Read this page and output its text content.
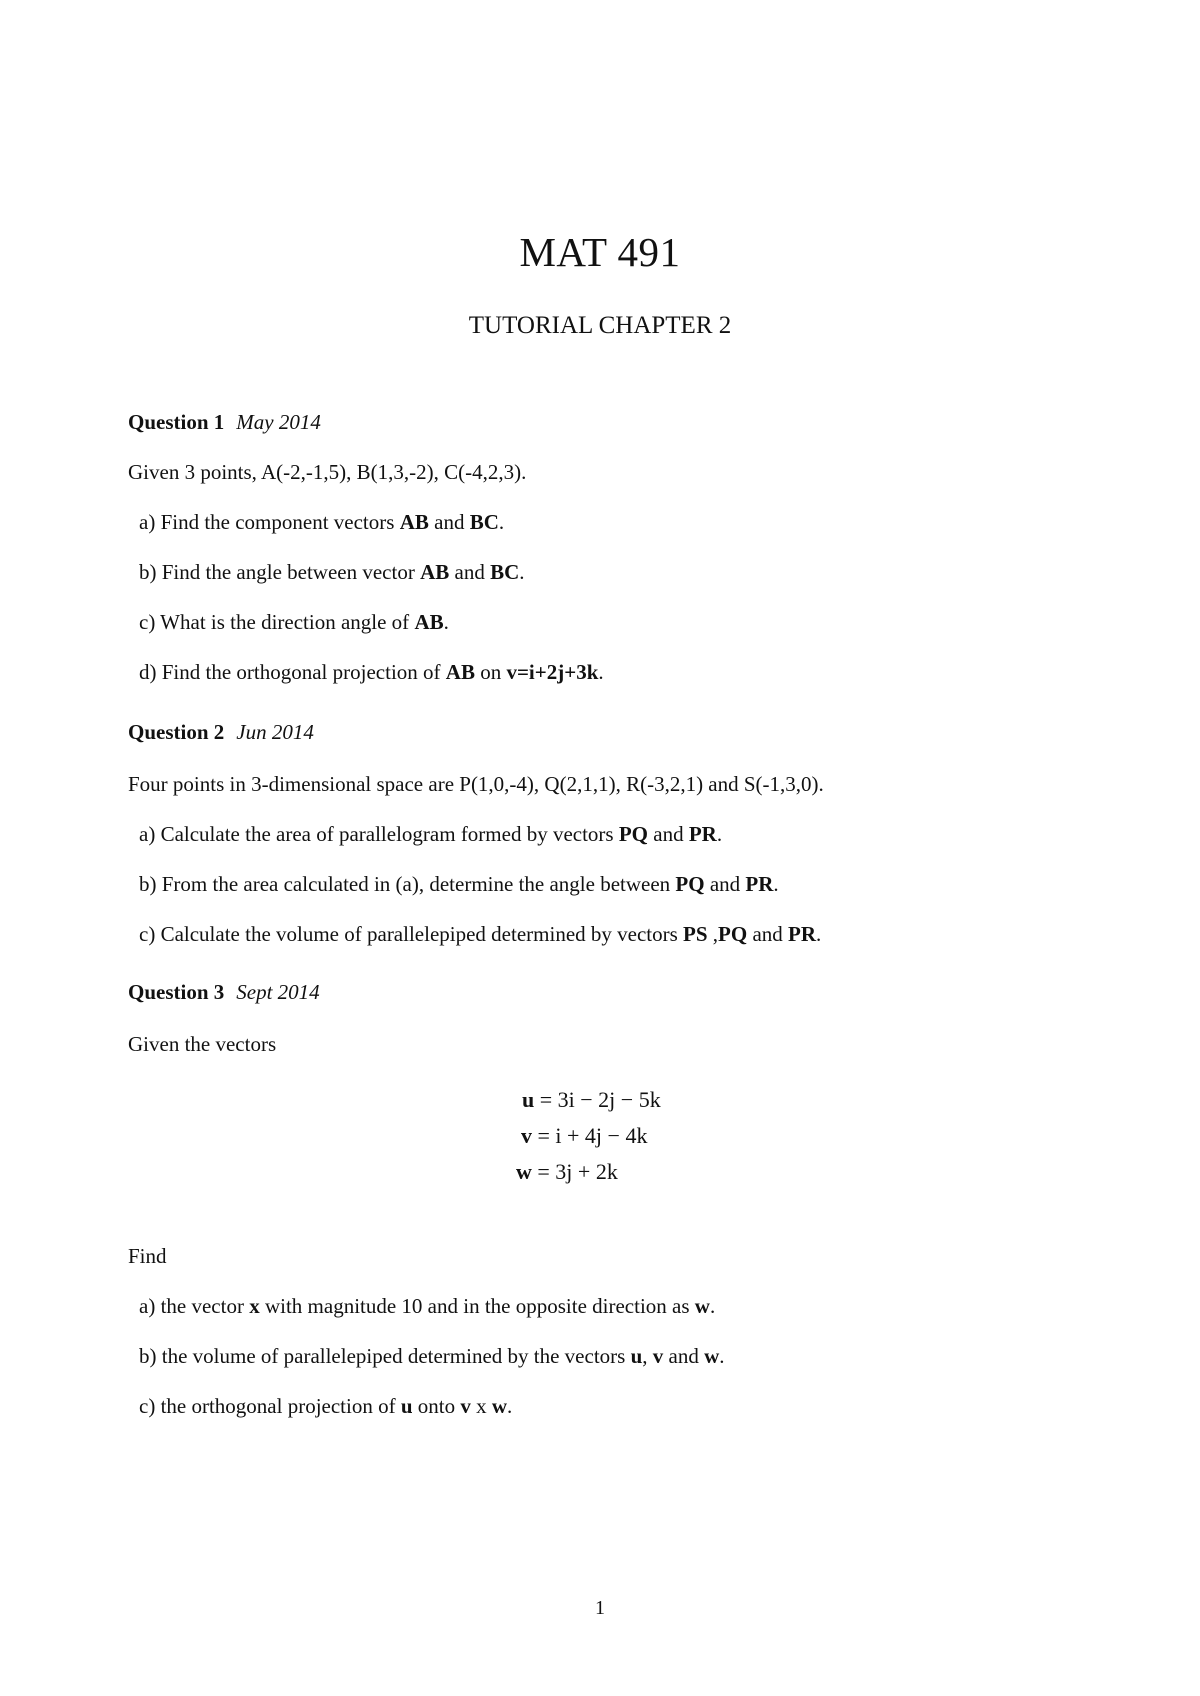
MAT 491
TUTORIAL CHAPTER 2
Question 1 May 2014
Given 3 points, A(-2,-1,5), B(1,3,-2), C(-4,2,3).
a) Find the component vectors AB and BC.
b) Find the angle between vector AB and BC.
c) What is the direction angle of AB.
d) Find the orthogonal projection of AB on v=i+2j+3k.
Question 2 Jun 2014
Four points in 3-dimensional space are P(1,0,-4), Q(2,1,1), R(-3,2,1) and S(-1,3,0).
a) Calculate the area of parallelogram formed by vectors PQ and PR.
b) From the area calculated in (a), determine the angle between PQ and PR.
c) Calculate the volume of parallelepiped determined by vectors PS ,PQ and PR.
Question 3 Sept 2014
Given the vectors
u = 3i − 2j − 5k
v = i + 4j − 4k
w = 3j + 2k
Find
a) the vector x with magnitude 10 and in the opposite direction as w.
b) the volume of parallelepiped determined by the vectors u, v and w.
c) the orthogonal projection of u onto v x w.
1
